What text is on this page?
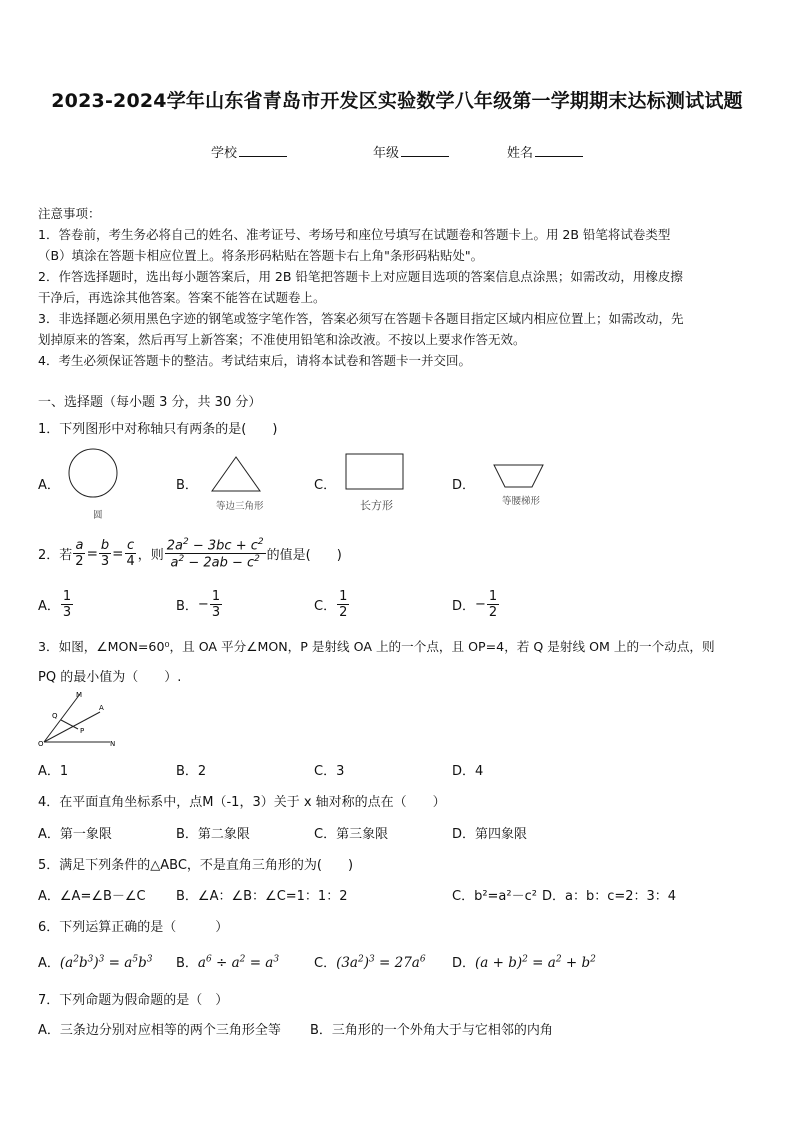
2023-2024学年山东省青岛市开发区实验数学八年级第一学期期末达标测试试题
学校	年级	姓名
注意事项：
1．答卷前，考生务必将自己的姓名、准考证号、考场号和座位号填写在试题卷和答题卡上。用 2B 铅笔将试卷类型
（B）填涂在答题卡相应位置上。将条形码粘贴在答题卡右上角"条形码粘贴处"。
2．作答选择题时，选出每小题答案后，用 2B 铅笔把答题卡上对应题目选项的答案信息点涂黑；如需改动，用橡皮擦
干净后，再选涂其他答案。答案不能答在试题卷上。
3．非选择题必须用黑色字迹的钢笔或签字笔作答，答案必须写在答题卡各题目指定区域内相应位置上；如需改动，先
划掉原来的答案，然后再写上新答案；不准使用铅笔和涂改液。不按以上要求作答无效。
4．考生必须保证答题卡的整洁。考试结束后，请将本试卷和答题卡一并交回。
一、选择题（每小题 3 分，共 30 分）
1．下列图形中对称轴只有两条的是(　　)
A．
圆
B．
等边三角形
C．
长方形
D．
等腰梯形
2．若 $\frac{a}{2} = \frac{b}{3} = \frac{c}{4}$ ，则 $\frac{2a^2 - 3bc + c^2}{a^2 - 2ab - c^2}$ 的值是(　　)
A． $\frac{1}{3}$	B． − $\frac{1}{3}$	C． $\frac{1}{2}$	D． − $\frac{1}{2}$
3．如图，∠MON=60⁰，且 OA 平分∠MON，P 是射线 OA 上的一个点，且 OP=4，若 Q 是射线 OM 上的一个动点，则
PQ 的最小值为（　　）.
M
Q
A
P
O	N
A．1	B．2	C．3	D．4
4．在平面直角坐标系中，点M（-1，3）关于 x 轴对称的点在（　　）
A．第一象限	B．第二象限	C．第三象限	D．第四象限
5．满足下列条件的△ABC，不是直角三角形的为(　　)
A．∠A=∠B－∠C B．∠A：∠B：∠C=1：1：2	C．b²=a²－c² D．a：b：c=2：3：4
6．下列运算正确的是（　　　）
A．$(a^2b^3)^3 = a^5b^3$ B．$a^6 \div a^2 = a^3$	C．$(3a^2)^3 = 27a^6$ D．$(a + b)^2 = a^2 + b^2$
7．下列命题为假命题的是（　）
A．三条边分别对应相等的两个三角形全等 B．三角形的一个外角大于与它相邻的内角
